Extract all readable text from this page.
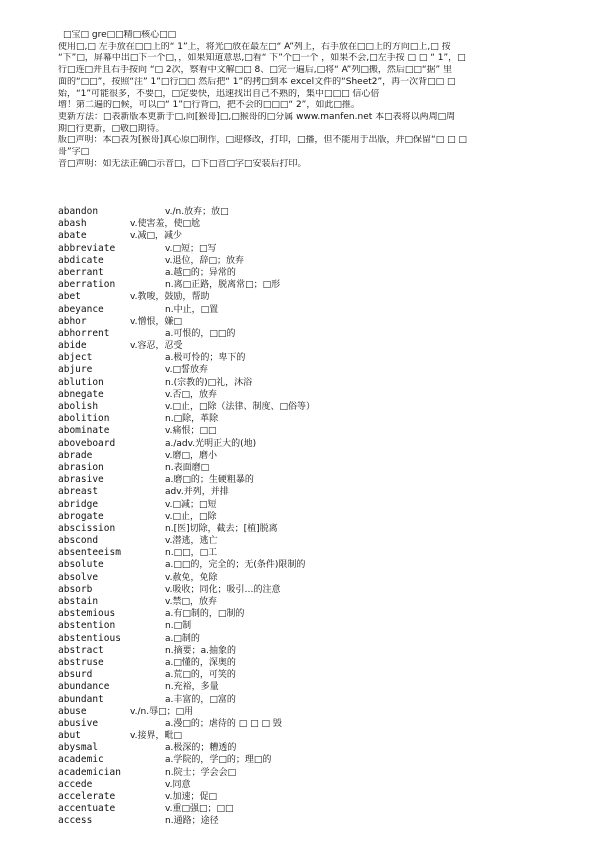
□宝□ gre□□精□核心□□
使用□,□ 左手放在□□上的“ 1”上，将光□放在最左□“ A”列上，右手放在□□上的方向□上,□ 按
“下”□，屏幕中出□下一个□，，如果知道意思,□看“ 下”个□一个 ，如果不会,□左手按 □ □ “ 1”，□
行□连□并且右手按向 “□ 2次，察看中文解□□ 8、□完一遍后,□将“ A”列□搬，然后□□“据” 里
面的“□□”，按照“注” 1”□行□□ 然后把“ 1”的拷□到本 excel文件的“Sheet2”，再一次背□□ □
始，“1”可能很多，不要□，□定要快，迅速找出自己不熟的，集中□□□ 信心倍
增！第二遍的□候，可以□“ 1”□行背□，把不会的□□□“ 2”，如此□推。
更新方法：□表新版本更新于□,向[猴哥]□,□猴哥的□分属 www.manfen.net 本□表将以两周□周
期□行更新，□敬□期待。
版□声明：本□表为[猴哥]真心原□制作，□迎修改，打印，□播，但不能用于出版，并□保留“□ □ □
哥”字□
音□声明：如无法正确□示音□，□下□音□字□安装后打印。
abandon	v./n.放弃；放□
abash	v.使害羞，使□尬
abate	v.减□，减少
abbreviate	v.□短；□写
abdicate	v.退位，辞□；放弃
aberrant	a.越□的；异常的
aberration	n.离□正路，脱离常□；□形
abet	v.教唆，鼓励，帮助
abeyance	n.中止，□置
abhor	v.憎恨，嫌□
abhorrent	a.可恨的，□□的
abide	v.容忍，忍受
abject	a.极可怜的；卑下的
abjure	v.□誓放弃
ablution	n.(宗教的)□礼，沐浴
abnegate	v.否□，放弃
abolish	v.□止，□除（法律、制度、□俗等）
abolition	n.□除，革除
abominate	v.痛恨；□□
aboveboard	a./adv.光明正大的(地)
abrade	v.磨□，磨小
abrasion	n.表面磨□
abrasive	a.磨□的；生硬粗暴的
abreast	adv.并列，并排
abridge	v.□减；□短
abrogate	v.□止，□除
abscission	n.[医]切除，截去；[植]脱离
abscond	v.潜逃，逃亡
absenteeism	n.□□，□工
absolute	a.□□的，完全的；无(条件)限制的
absolve	v.赦免，免除
absorb	v.吸收；同化；吸引…的注意
abstain	v.禁□，放弃
abstemious	a.有□制的，□制的
abstention	n.□制
abstentious	a.□制的
abstract	n.摘要；a.抽象的
abstruse	a.□懂的，深奥的
absurd	a.荒□的，可笑的
abundance	n.充裕，多量
abundant	a.丰富的，□富的
abuse	v./n.辱□；□用
abusive	a.漫□的；虐待的 □ □ □ 毁
abut	v.接界，毗□
abysmal	a.极深的；糟透的
academic	a.学院的，学□的；理□的
academician	n.院士；学会会□
accede	v.同意
accelerate	v.加速；促□
accentuate	v.重□强□；□□
access	n.通路；途径
